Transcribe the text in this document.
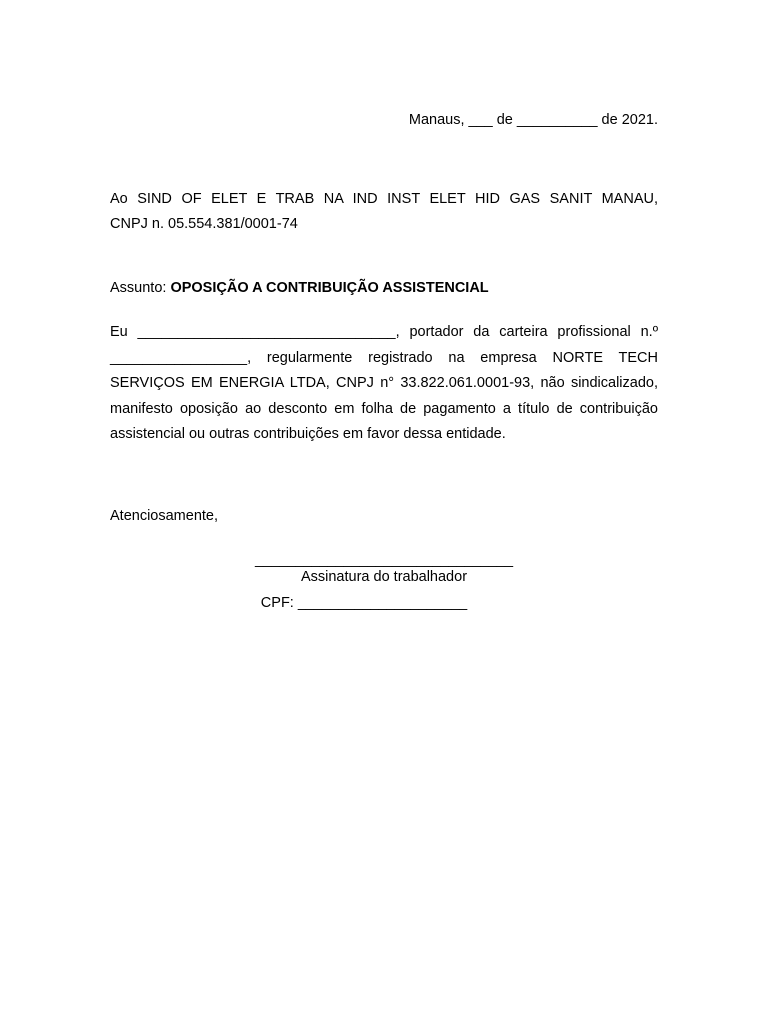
Manaus, ___ de __________ de 2021.
Ao SIND OF ELET E TRAB NA IND INST ELET HID GAS SANIT MANAU,
CNPJ n. 05.554.381/0001-74
Assunto: OPOSIÇÃO A CONTRIBUIÇÃO ASSISTENCIAL
Eu ________________________________, portador da carteira profissional n.º _________________, regularmente registrado na empresa NORTE TECH SERVIÇOS EM ENERGIA LTDA, CNPJ n° 33.822.061.0001-93, não sindicalizado, manifesto oposição ao desconto em folha de pagamento a título de contribuição assistencial ou outras contribuições em favor dessa entidade.
Atenciosamente,
________________________________
Assinatura do trabalhador
CPF: _____________________
